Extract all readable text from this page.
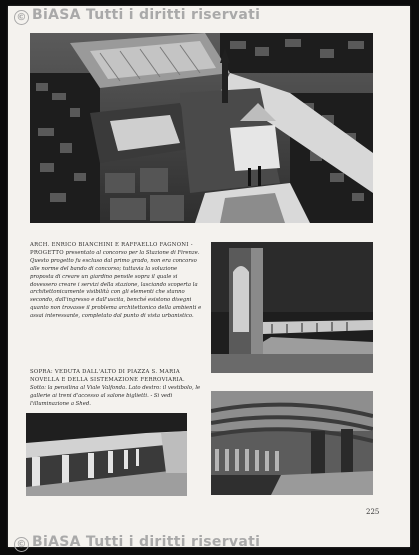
© BiASA Tutti i diritti riservati
ARCH. ENRICO BIANCHINI E RAFFAELLO FAGNONI - PROGETTO presentato al concorso per la Stazione di Firenze. Questo progetto fu escluso dal primo grado, non era concorso alle norme del bando di concorso; tuttavia la soluzione proposta di creare un giardino pensile sopra il quale si dovessero creare i servizi della stazione, lasciando scoperta la architettonicamente visibilità con gli elementi che stanno secondo, dall'ingresso e dall'uscita, benché esistono disegni quanto non trovasse il problema architettonico della ambienti e assai interessante, completato dal punto di vista urbanistico.
SOPRA: VEDUTA DALL'ALTO DI PIAZZA S. MARIA NOVELLA E DELLA SISTEMAZIONE FERROVIARIA. Sotto: la pensilina al Viale Valfonda. Lato destro: il vestibolo, le gallerie ai treni d'accesso al salone biglietti. - Si vedi l'illuminazione a Shed.
225
© BiASA Tutti i diritti riservati
